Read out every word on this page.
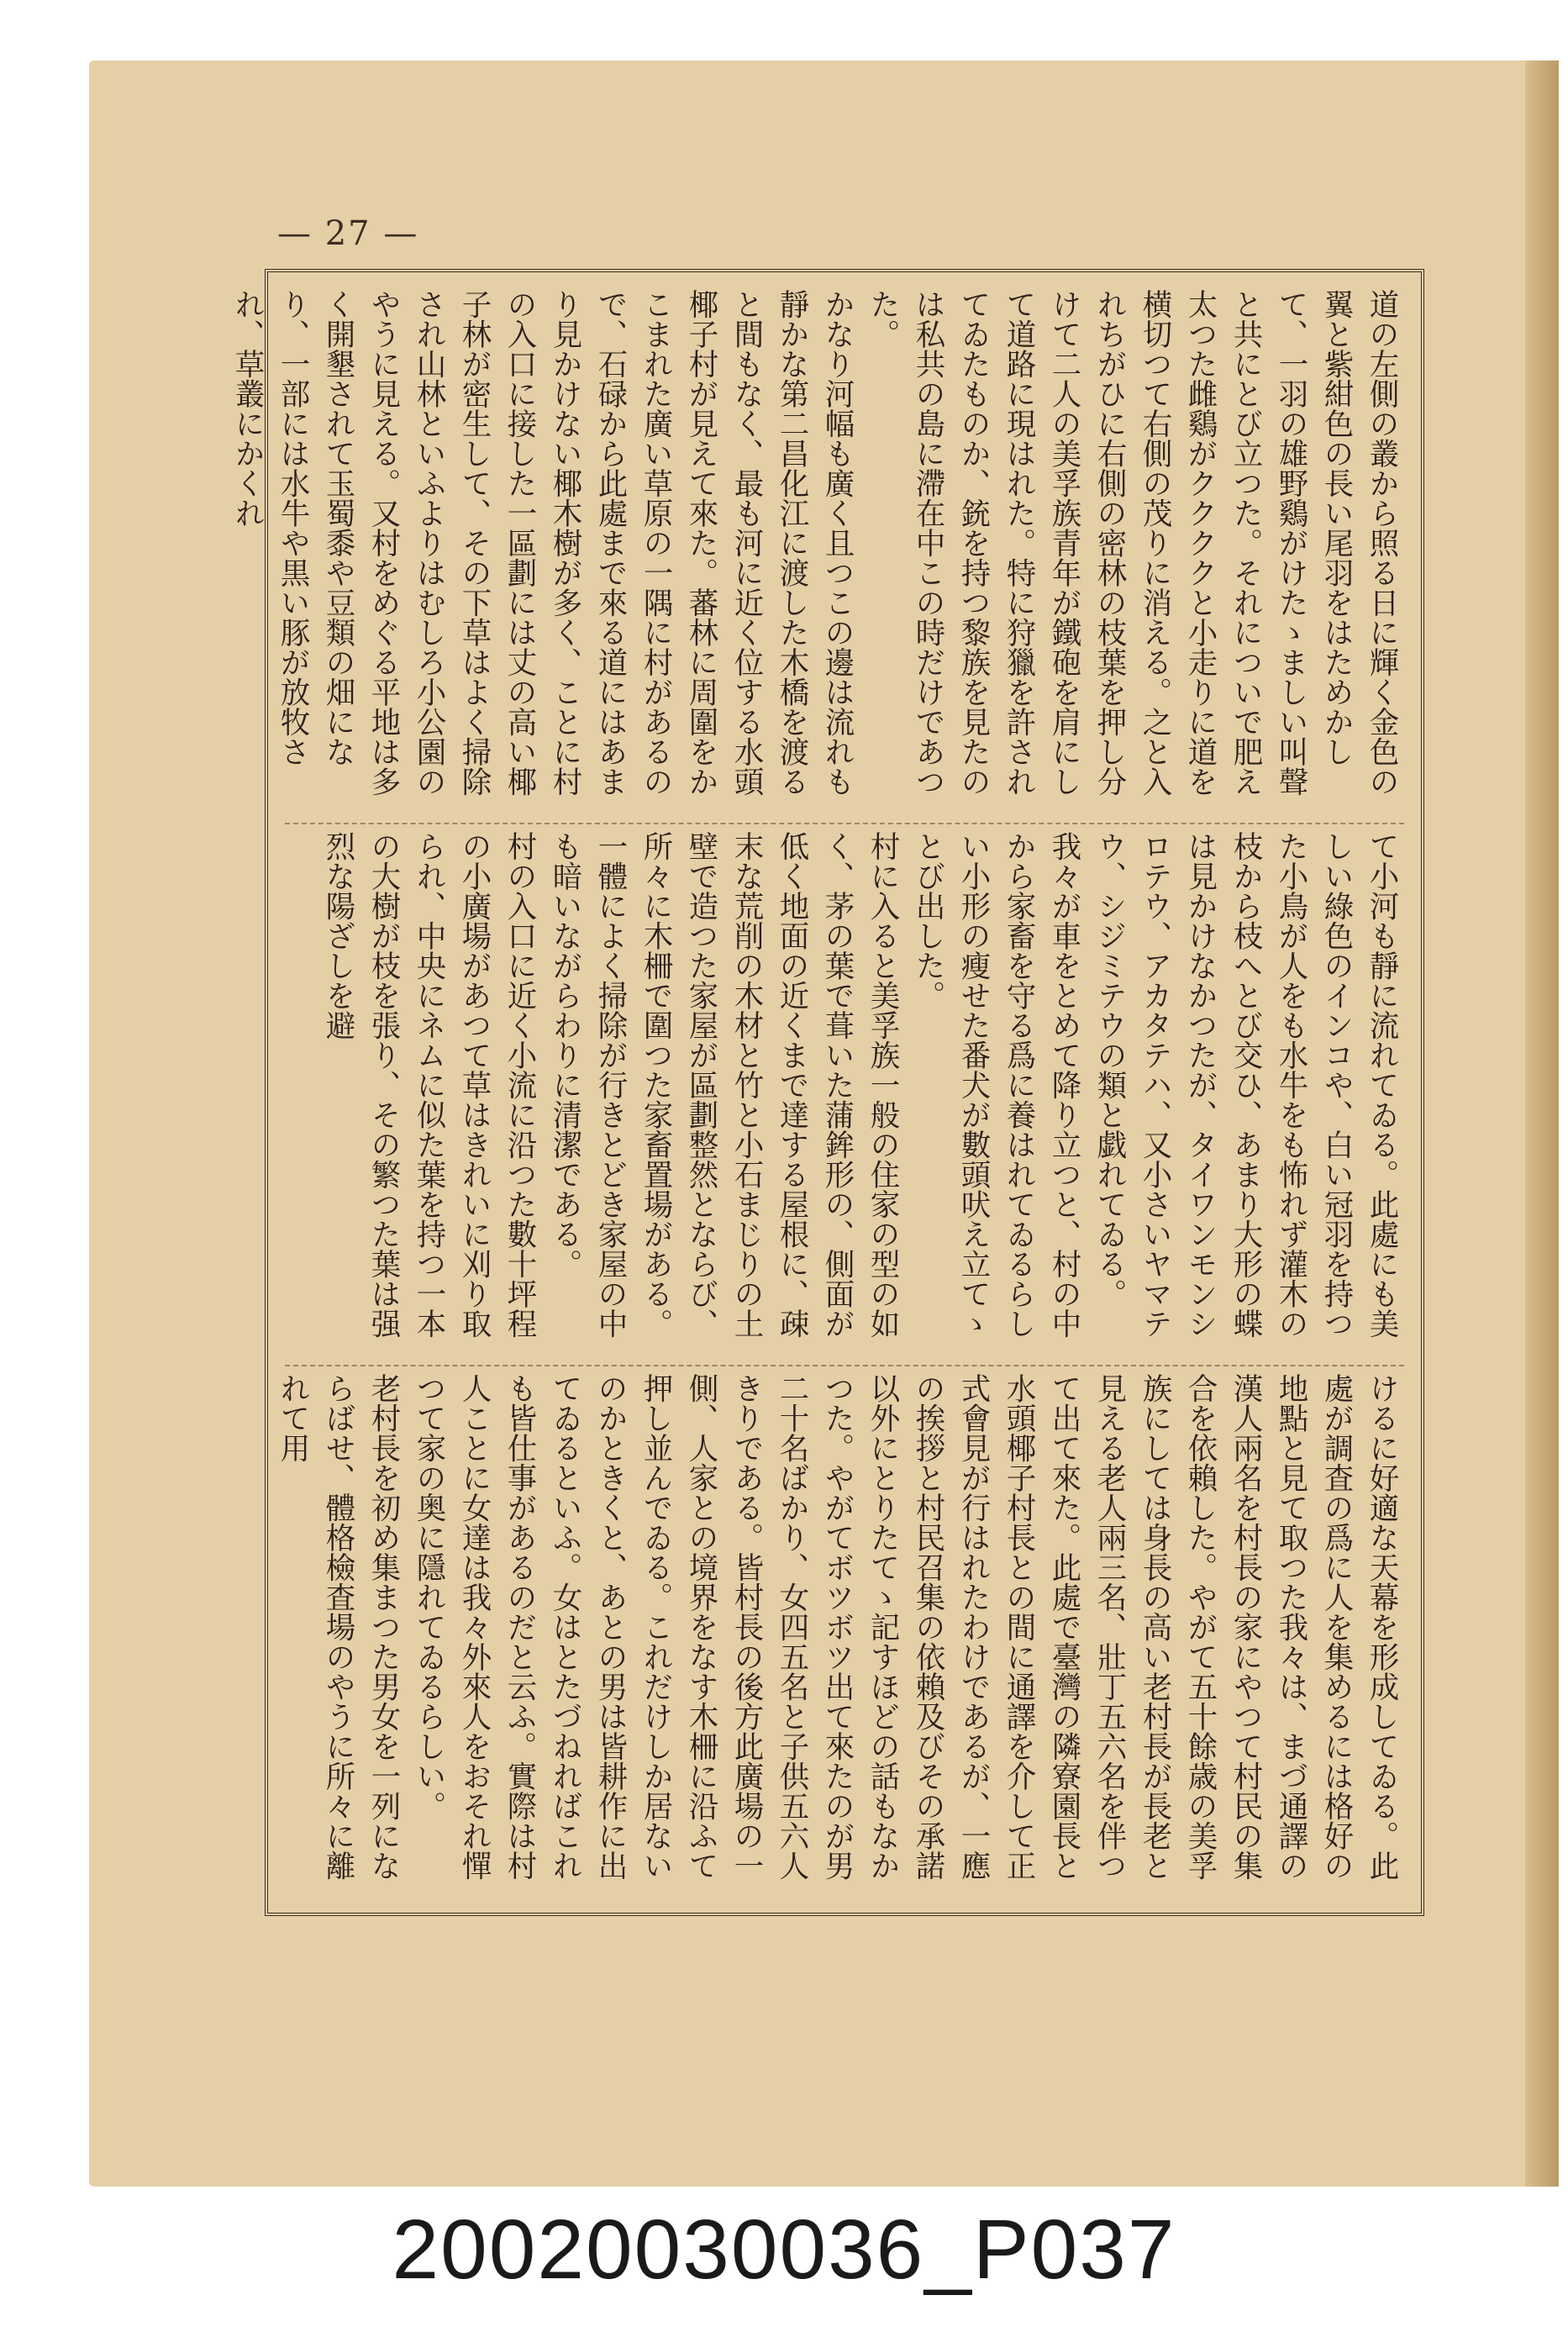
— 27 —

道の左側の叢から照る日に輝く金色の翼と紫紺色の長い尾羽をはためかして、一羽の雄野鷄がけたゝましい叫聲と共にとび立つた。それについで肥え太つた雌鷄がククククと小走りに道を横切つて右側の茂りに消える。之と入れちがひに右側の密林の枝葉を押し分けて二人の美孚族青年が鐵砲を肩にして道路に現はれた。特に狩獵を許されてゐたものか、銃を持つ黎族を見たのは私共の島に滯在中この時だけであつた。

かなり河幅も廣く且つこの邊は流れも靜かな第二昌化江に渡した木橋を渡ると間もなく、最も河に近く位する水頭椰子村が見えて來た。蕃林に周圍をかこまれた廣い草原の一隅に村があるので、石碌から此處まで來る道にはあまり見かけない椰木樹が多く、ことに村の入口に接した一區劃には丈の高い椰子林が密生して、その下草はよく掃除され山林といふよりはむしろ小公園のやうに見える。又村をめぐる平地は多く開墾されて玉蜀黍や豆類の畑になり、一部には水牛や黒い豚が放牧され、草叢にかくれ

て小河も靜に流れてゐる。此處にも美しい綠色のインコや、白い冠羽を持つた小鳥が人をも水牛をも怖れず灌木の枝から枝へとび交ひ、あまり大形の蝶は見かけなかつたが、タイワンモンシロテウ、アカタテハ、又小さいヤマテウ、シジミテウの類と戯れてゐる。我々が車をとめて降り立つと、村の中から家畜を守る爲に養はれてゐるらしい小形の瘦せた番犬が數頭吠え立てゝとび出した。

村に入ると美孚族一般の住家の型の如く、茅の葉で葺いた蒲鉾形の、側面が低く地面の近くまで達する屋根に、疎末な荒削の木材と竹と小石まじりの土壁で造つた家屋が區劃整然とならび、所々に木柵で圍つた家畜置場がある。一體によく掃除が行きとどき家屋の中も暗いながらわりに清潔である。

村の入口に近く小流に沿つた數十坪程の小廣場があつて草はきれいに刈り取られ、中央にネムに似た葉を持つ一本の大樹が枝を張り、その繁つた葉は强烈な陽ざしを避

けるに好適な天幕を形成してゐる。此處が調査の爲に人を集めるには格好の地點と見て取つた我々は、まづ通譯の漢人兩名を村長の家にやつて村民の集合を依賴した。やがて五十餘歳の美孚族にしては身長の高い老村長が長老と見える老人兩三名、壯丁五六名を伴つて出て來た。此處で臺灣の隣寮園長と水頭椰子村長との間に通譯を介して正式會見が行はれたわけであるが、一應の挨拶と村民召集の依賴及びその承諾以外にとりたてゝ記すほどの話もなかつた。やがてボツボツ出て來たのが男二十名ばかり、女四五名と子供五六人きりである。皆村長の後方此廣場の一側、人家との境界をなす木柵に沿ふて押し並んでゐる。これだけしか居ないのかときくと、あとの男は皆耕作に出てゐるといふ。女はとたづねればこれも皆仕事があるのだと云ふ。實際は村人ことに女達は我々外來人をおそれ憚つて家の奥に隱れてゐるらしい。

老村長を初め集まつた男女を一列にならばせ、體格檢査場のやうに所々に離れて用

20020030036_P037
